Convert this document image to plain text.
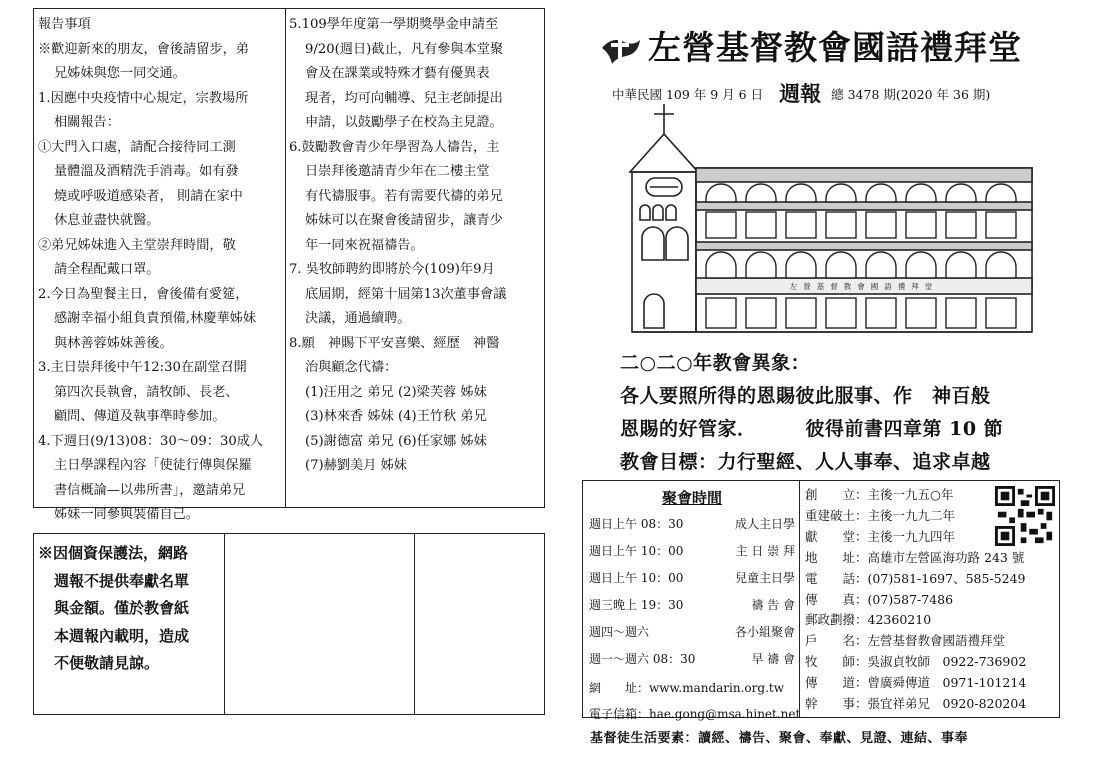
報告事項
※歡迎新來的朋友，會後請留步，弟
兄姊妹與您一同交通。
1.因應中央疫情中心規定，宗教場所
相關報告：
①大門入口處，請配合接待同工測
量體溫及酒精洗手消毒。如有發
燒或呼吸道感染者， 則請在家中
休息並盡快就醫。
②弟兄姊妹進入主堂崇拜時間，敬
請全程配戴口罩。
2.今日為聖餐主日，會後備有愛筵，
感謝幸福小組負責預備,林慶華姊妹
與林善蓉姊妹善後。
3.主日崇拜後中午12:30在副堂召開
第四次長執會，請牧師、長老、
顧問、傳道及執事準時參加。
4.下週日(9/13)08：30～09：30成人
主日學課程內容「使徒行傳與保羅
書信概論—以弗所書」，邀請弟兄
姊妹一同參與裝備自己。
5.109學年度第一學期獎學金申請至
9/20(週日)截止，凡有參與本堂聚
會及在課業或特殊才藝有優異表
現者，均可向輔導、兒主老師提出
申請，以鼓勵學子在校為主見證。
6.鼓勵教會青少年學習為人禱告，主
日崇拜後邀請青少年在二樓主堂
有代禱服事。若有需要代禱的弟兄
姊妹可以在聚會後請留步，讓青少
年一同來祝福禱告。
7. 吳牧師聘約即將於今(109)年9月
底屆期，經第十屆第13次董事會議
決議，通過續聘。
8.願　神賜下平安喜樂、經歷　神醫
治與顧念代禱：
(1)汪用之 弟兄 (2)梁芙蓉 姊妹
(3)林來香 姊妹 (4)王竹秋 弟兄
(5)謝德富 弟兄 (6)任家娜 姊妹
(7)赫劉美月 姊妹
※因個資保護法，網路
週報不提供奉獻名單
與金額。僅於教會紙
本週報內載明，造成
不便敬請見諒。
左營基督教會國語禮拜堂
中華民國 109 年 9 月 6 日 週報 總 3478 期(2020 年 36 期)
左營基督教會國語禮拜堂
二○二○年教會異象：
各人要照所得的恩賜彼此服事、作　神百般
恩賜的好管家．　　　彼得前書四章第 10 節
教會目標：力行聖經、人人事奉、追求卓越
聚會時間
週日上午 08：30	成人主日學
週日上午 10：00	主 日 崇 拜
週日上午 10：00	兒童主日學
週三晚上 19：30	禱 告 會
週四～週六	各小組聚會
週一～週六 08：30	早 禱 會
網　　址：www.mandarin.org.tw
電子信箱：hae.gong@msa.hinet.net
創　　立：主後一九五○年
重建破土：主後一九九二年
獻　　堂：主後一九九四年
地　　址：高雄市左營區海功路 243 號
電　　話：(07)581-1697、585-5249
傳　　真：(07)587-7486
郵政劃撥：42360210
戶　　名：左營基督教會國語禮拜堂
牧　　師：吳淑貞牧師　0922-736902
傳　　道：曾廣舜傳道　0971-101214
幹　　事：張宜祥弟兄　0920-820204
基督徒生活要素：讀經、禱告、聚會、奉獻、見證、連結、事奉
